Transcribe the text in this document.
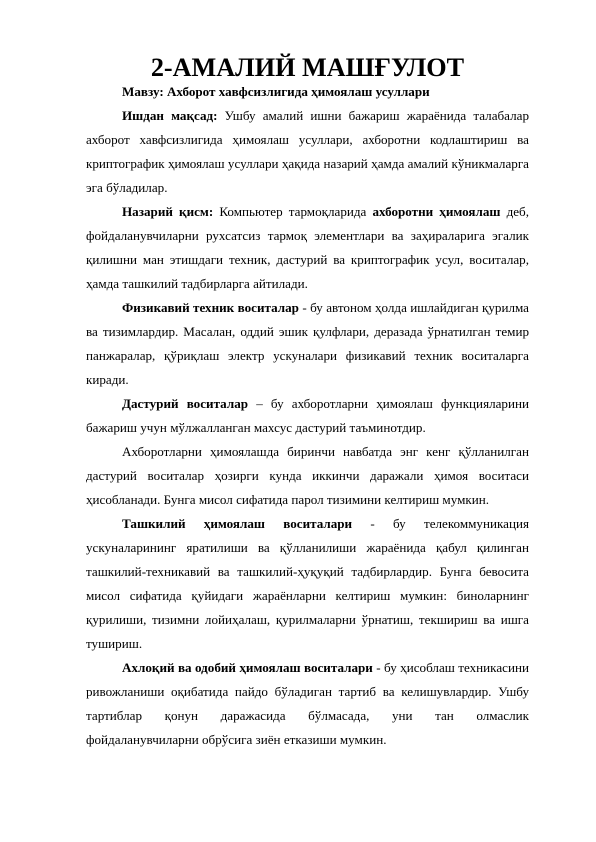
2-АМАЛИЙ МАШҒУЛОТ

Мавзу: Ахборот хавфсизлигида ҳимоялаш усуллари

Ишдан мақсад: Ушбу амалий ишни бажариш жараёнида талабалар ахборот хавфсизлигида ҳимоялаш усуллари, ахборотни кодлаштириш ва криптографик ҳимоялаш усуллари ҳақида назарий ҳамда амалий кўникмаларга эга бўладилар.

Назарий қисм: Компьютер тармоқларида ахборотни ҳимоялаш деб, фойдаланувчиларни рухсатсиз тармоқ элементлари ва заҳираларига эгалик қилишни ман этишдаги техник, дастурий ва криптографик усул, воситалар, ҳамда ташкилий тадбирларга айтилади.

Физикавий техник воситалар - бу автоном ҳолда ишлайдиган қурилма ва тизимлардир. Масалан, оддий эшик қулфлари, деразада ўрнатилган темир панжаралар, қўриқлаш электр ускуналари физикавий техник воситаларга киради.

Дастурий воситалар – бу ахборотларни ҳимоялаш функцияларини бажариш учун мўлжалланган махсус дастурий таъминотдир.

Ахборотларни ҳимоялашда биринчи навбатда энг кенг қўлланилган дастурий воситалар ҳозирги кунда иккинчи даражали ҳимоя воситаси ҳисобланади. Бунга мисол сифатида парол тизимини келтириш мумкин.

Ташкилий ҳимоялаш воситалари - бу телекоммуникация ускуналарининг яратилиши ва қўлланилиши жараёнида қабул қилинган ташкилий-техникавий ва ташкилий-ҳуқуқий тадбирлардир. Бунга бевосита мисол сифатида қуйидаги жараёнларни келтириш мумкин: биноларнинг қурилиши, тизимни лойиҳалаш, қурилмаларни ўрнатиш, текшириш ва ишга тушириш.

Ахлоқий ва одобий ҳимоялаш воситалари - бу ҳисоблаш техникасини ривожланиши оқибатида пайдо бўладиган тартиб ва келишувлардир. Ушбу тартиблар қонун даражасида бўлмасада, уни тан олмаслик фойдаланувчиларни обрўсига зиён етказиши мумкин.
